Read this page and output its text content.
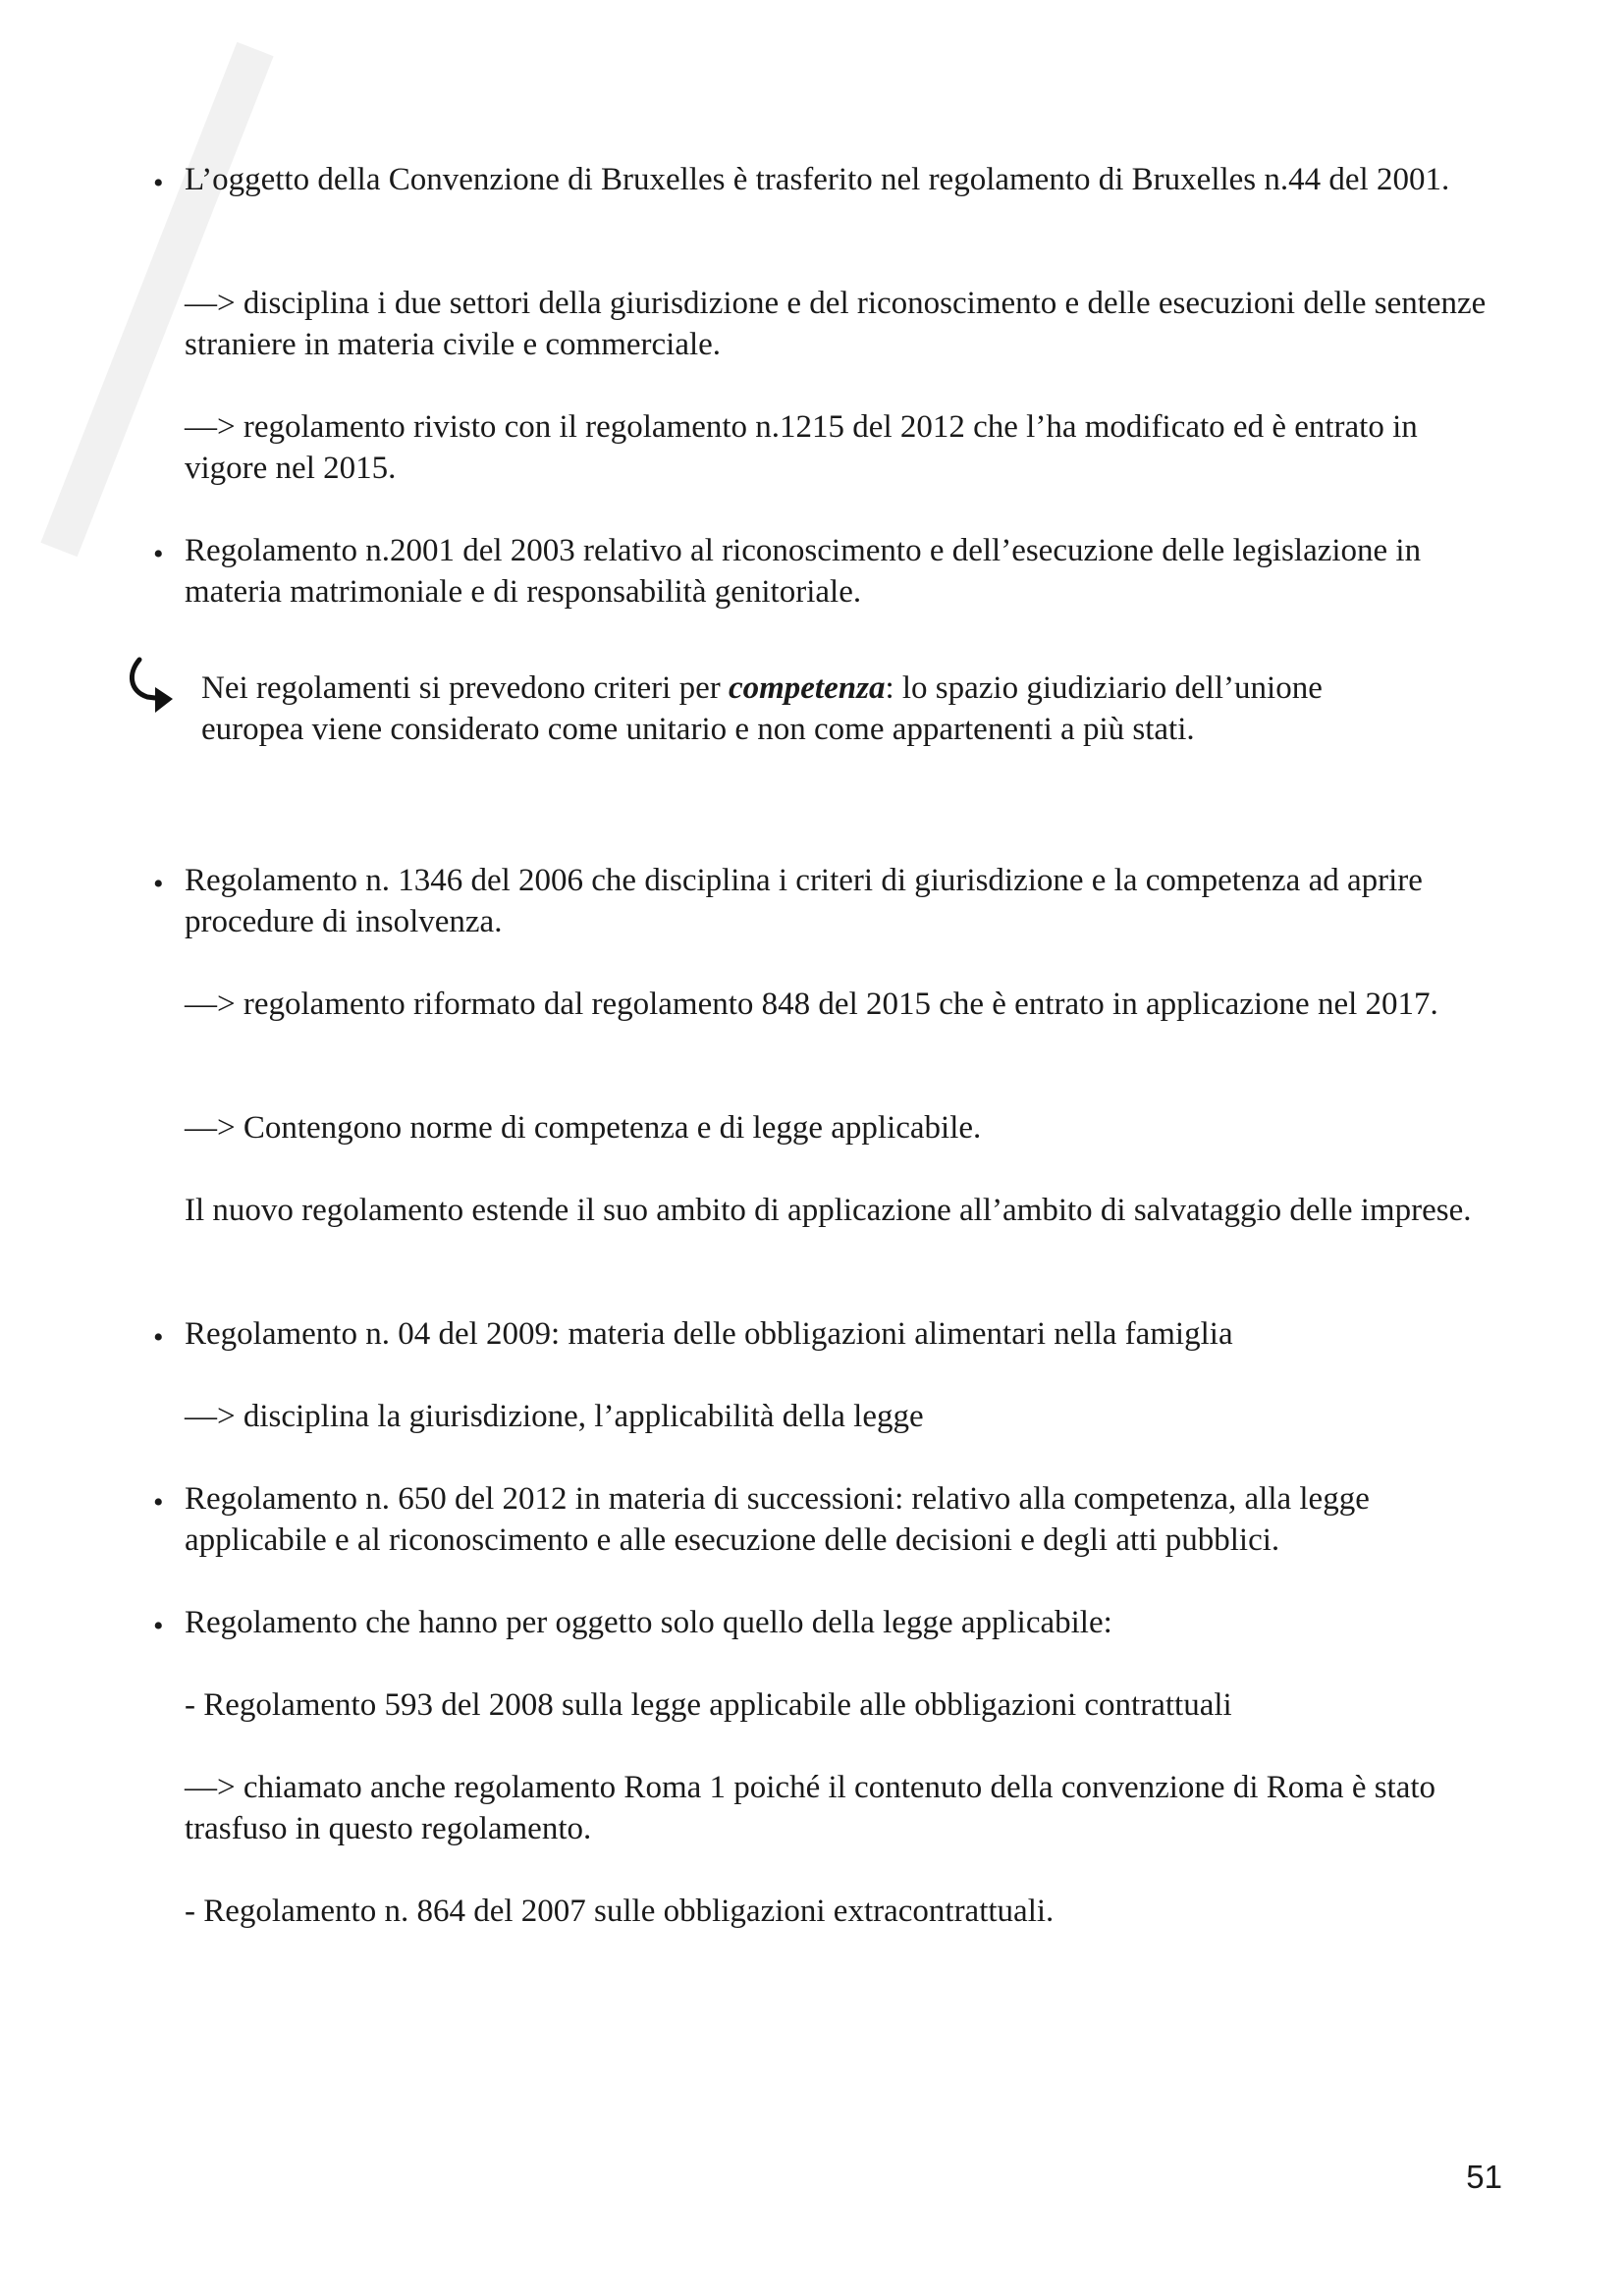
• L’oggetto della Convenzione di Bruxelles è trasferito nel regolamento di Bruxelles n.44 del 2001.

—> disciplina i due settori della giurisdizione e del riconoscimento e delle esecuzioni delle sentenze straniere in materia civile e commerciale.

—> regolamento rivisto con il regolamento n.1215 del 2012 che l’ha modificato ed è entrato in vigore nel 2015.

• Regolamento n.2001 del 2003 relativo al riconoscimento e dell’esecuzione delle legislazione in materia matrimoniale e di responsabilità genitoriale.

Nei regolamenti si prevedono criteri per competenza: lo spazio giudiziario dell’unione europea viene considerato come unitario e non come appartenenti a più stati.

• Regolamento n. 1346 del 2006 che disciplina i criteri di giurisdizione e la competenza ad aprire procedure di insolvenza.

—> regolamento riformato dal regolamento 848 del 2015 che è entrato in applicazione nel 2017.

—> Contengono norme di competenza e di legge applicabile.

Il nuovo regolamento estende il suo ambito di applicazione all’ambito di salvataggio delle imprese.

• Regolamento n. 04 del 2009: materia delle obbligazioni alimentari nella famiglia

—> disciplina la giurisdizione, l’applicabilità della legge

• Regolamento n. 650 del 2012 in materia di successioni: relativo alla competenza, alla legge applicabile e al riconoscimento e alle esecuzione delle decisioni e degli atti pubblici.

• Regolamento che hanno per oggetto solo quello della legge applicabile:

- Regolamento 593 del 2008 sulla legge applicabile alle obbligazioni contrattuali

—> chiamato anche regolamento Roma 1 poiché il contenuto della convenzione di Roma è stato trasfuso in questo regolamento.

- Regolamento n. 864 del 2007 sulle obbligazioni extracontrattuali.

51
